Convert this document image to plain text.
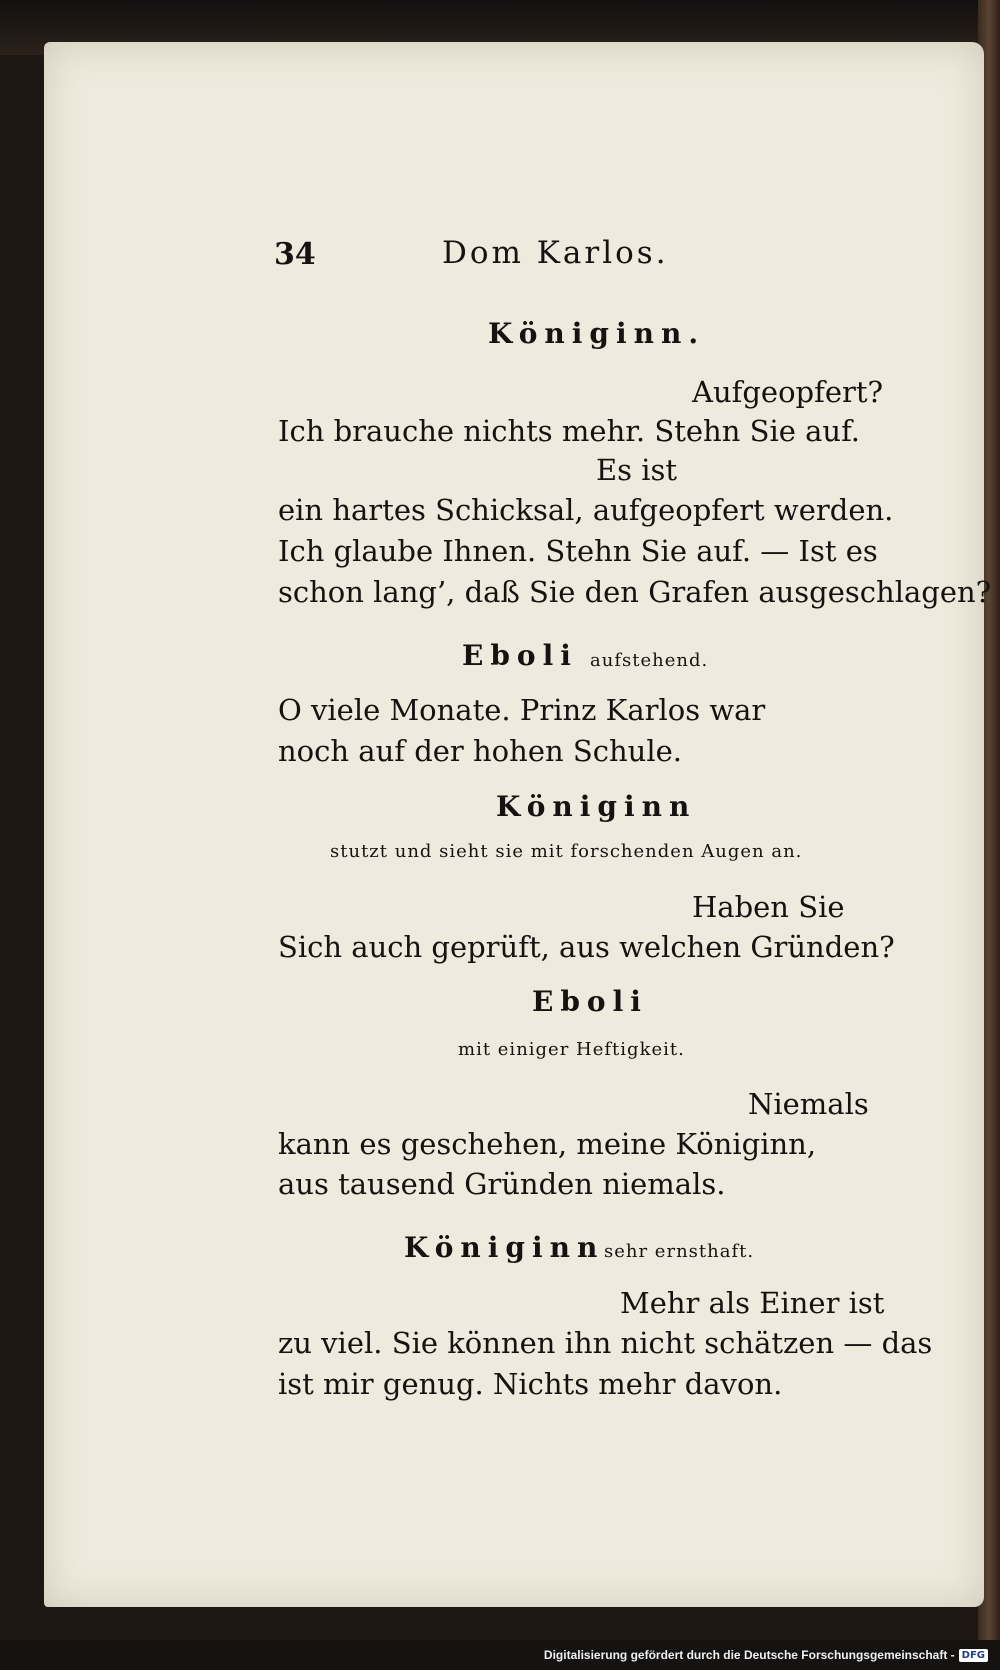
34	Dom Karlos.
Königinn.
Aufgeopfert?
Ich brauche nichts mehr. Stehn Sie auf.
Es ist
ein hartes Schicksal, aufgeopfert werden.
Ich glaube Ihnen. Stehn Sie auf. — Ist es
schon lang’, daß Sie den Grafen ausgeschlagen?
Eboli aufstehend.
O viele Monate. Prinz Karlos war
noch auf der hohen Schule.
Königinn
stutzt und sieht sie mit forschenden Augen an.
Haben Sie
Sich auch geprüft, aus welchen Gründen?
Eboli
mit einiger Heftigkeit.
Niemals
kann es geschehen, meine Königinn,
aus tausend Gründen niemals.
Königinn sehr ernsthaft.
Mehr als Einer ist
zu viel. Sie können ihn nicht schätzen — das
ist mir genug. Nichts mehr davon.
Digitalisierung gefördert durch die Deutsche Forschungsgemeinschaft - DFG
